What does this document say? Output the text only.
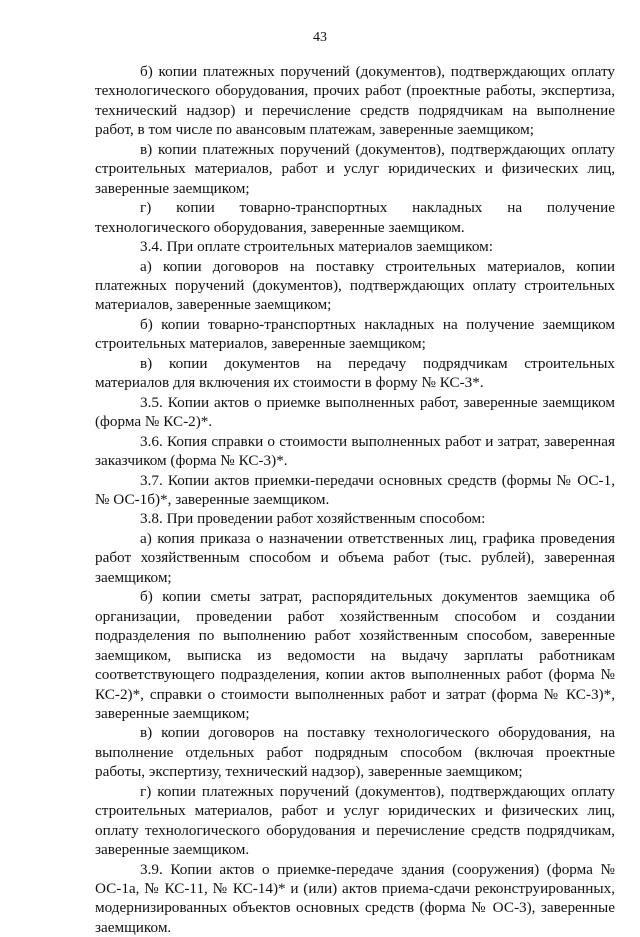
43

б) копии платежных поручений (документов), подтверждающих оплату технологического оборудования, прочих работ (проектные работы, экспертиза, технический надзор) и перечисление средств подрядчикам на выполнение работ, в том числе по авансовым платежам, заверенные заемщиком;

в) копии платежных поручений (документов), подтверждающих оплату строительных материалов, работ и услуг юридических и физических лиц, заверенные заемщиком;

г) копии товарно-транспортных накладных на получение технологического оборудования, заверенные заемщиком.

3.4. При оплате строительных материалов заемщиком:

а) копии договоров на поставку строительных материалов, копии платежных поручений (документов), подтверждающих оплату строительных материалов, заверенные заемщиком;

б) копии товарно-транспортных накладных на получение заемщиком строительных материалов, заверенные заемщиком;

в) копии документов на передачу подрядчикам строительных материалов для включения их стоимости в форму № КС-3*.

3.5. Копии актов о приемке выполненных работ, заверенные заемщиком (форма № КС-2)*.

3.6. Копия справки о стоимости выполненных работ и затрат, заверенная заказчиком (форма № КС-3)*.

3.7. Копии актов приемки-передачи основных средств (формы № ОС-1, № ОС-1б)*, заверенные заемщиком.

3.8. При проведении работ хозяйственным способом:

а) копия приказа о назначении ответственных лиц, графика проведения работ хозяйственным способом и объема работ (тыс. рублей), заверенная заемщиком;

б) копии сметы затрат, распорядительных документов заемщика об организации, проведении работ хозяйственным способом и создании подразделения по выполнению работ хозяйственным способом, заверенные заемщиком, выписка из ведомости на выдачу зарплаты работникам соответствующего подразделения, копии актов выполненных работ (форма № КС-2)*, справки о стоимости выполненных работ и затрат (форма № КС-3)*, заверенные заемщиком;

в) копии договоров на поставку технологического оборудования, на выполнение отдельных работ подрядным способом (включая проектные работы, экспертизу, технический надзор), заверенные заемщиком;

г) копии платежных поручений (документов), подтверждающих оплату строительных материалов, работ и услуг юридических и физических лиц, оплату технологического оборудования и перечисление средств подрядчикам, заверенные заемщиком.

3.9. Копии актов о приемке-передаче здания (сооружения) (форма № ОС-1а, № КС-11, № КС-14)* и (или) актов приема-сдачи реконструированных, модернизированных объектов основных средств (форма № ОС-3), заверенные заемщиком.
